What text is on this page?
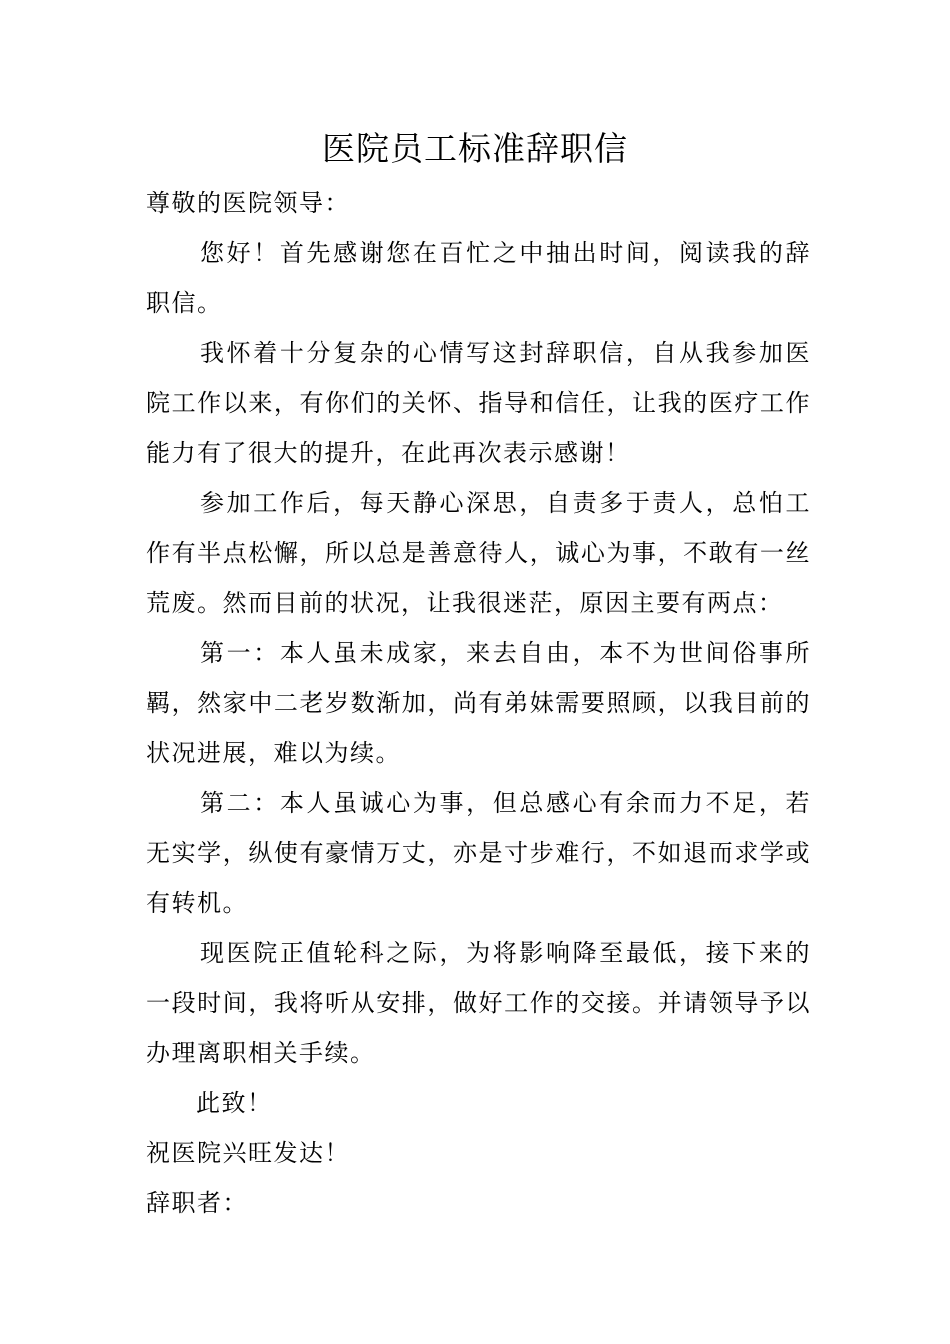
医院员工标准辞职信

尊敬的医院领导：

您好！首先感谢您在百忙之中抽出时间，阅读我的辞职信。

我怀着十分复杂的心情写这封辞职信，自从我参加医院工作以来，有你们的关怀、指导和信任，让我的医疗工作能力有了很大的提升，在此再次表示感谢！

参加工作后，每天静心深思，自责多于责人，总怕工作有半点松懈，所以总是善意待人，诚心为事，不敢有一丝荒废。然而目前的状况，让我很迷茫，原因主要有两点：

第一：本人虽未成家，来去自由，本不为世间俗事所羁，然家中二老岁数渐加，尚有弟妹需要照顾，以我目前的状况进展，难以为续。

第二：本人虽诚心为事，但总感心有余而力不足，若无实学，纵使有豪情万丈，亦是寸步难行，不如退而求学或有转机。

现医院正值轮科之际，为将影响降至最低，接下来的一段时间，我将听从安排，做好工作的交接。并请领导予以办理离职相关手续。

此致！

祝医院兴旺发达！

辞职者：
